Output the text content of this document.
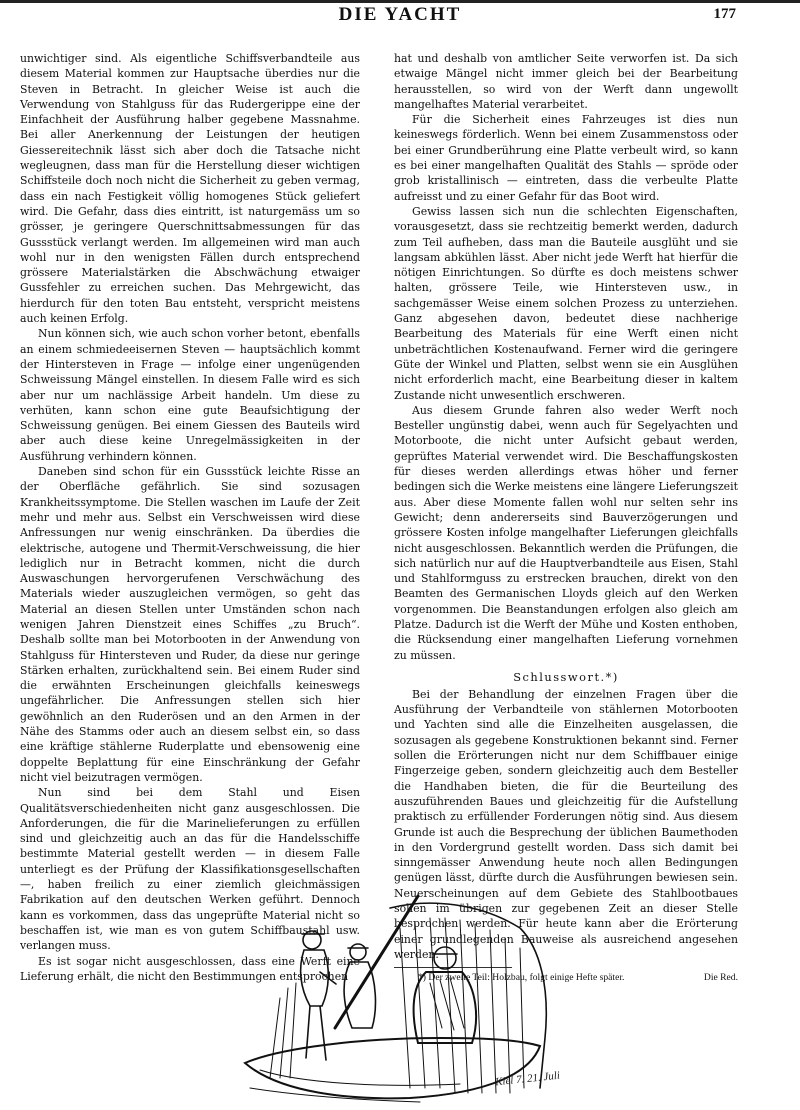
DIE YACHT	177

unwichtiger sind. Als eigentliche Schiffsverbandteile aus diesem Material kommen zur Hauptsache überdies nur die Steven in Betracht. In gleicher Weise ist auch die Verwendung von Stahlguss für das Rudergerippe eine der Einfachheit der Ausführung halber gegebene Massnahme. Bei aller Anerkennung der Leistungen der heutigen Giessereitechnik lässt sich aber doch die Tatsache nicht wegleugnen, dass man für die Herstellung dieser wichtigen Schiffsteile doch noch nicht die Sicherheit zu geben vermag, dass ein nach Festigkeit völlig homogenes Stück geliefert wird. Die Gefahr, dass dies eintritt, ist naturgemäss um so grösser, je geringere Querschnittsabmessungen für das Gussstück verlangt werden. Im allgemeinen wird man auch wohl nur in den wenigsten Fällen durch entsprechend grössere Materialstärken die Abschwächung etwaiger Gussfehler zu erreichen suchen. Das Mehrgewicht, das hierdurch für den toten Bau entsteht, verspricht meistens auch keinen Erfolg.

Nun können sich, wie auch schon vorher betont, ebenfalls an einem schmiedeeisernen Steven — hauptsächlich kommt der Hintersteven in Frage — infolge einer ungenügenden Schweissung Mängel einstellen. In diesem Falle wird es sich aber nur um nachlässige Arbeit handeln. Um diese zu verhüten, kann schon eine gute Beaufsichtigung der Schweissung genügen. Bei einem Giessen des Bauteils wird aber auch diese keine Unregelmässigkeiten in der Ausführung verhindern können.

Daneben sind schon für ein Gussstück leichte Risse an der Oberfläche gefährlich. Sie sind sozusagen Krankheitssymptome. Die Stellen waschen im Laufe der Zeit mehr und mehr aus. Selbst ein Verschweissen wird diese Anfressungen nur wenig einschränken. Da überdies die elektrische, autogene und Thermit-Verschweissung, die hier lediglich nur in Betracht kommen, nicht die durch Auswaschungen hervorgerufenen Verschwächung des Materials wieder auszugleichen vermögen, so geht das Material an diesen Stellen unter Umständen schon nach wenigen Jahren Dienstzeit eines Schiffes „zu Bruch“. Deshalb sollte man bei Motorbooten in der Anwendung von Stahlguss für Hintersteven und Ruder, da diese nur geringe Stärken erhalten, zurückhaltend sein. Bei einem Ruder sind die erwähnten Erscheinungen gleichfalls keineswegs ungefährlicher. Die Anfressungen stellen sich hier gewöhnlich an den Ruderösen und an den Armen in der Nähe des Stamms oder auch an diesem selbst ein, so dass eine kräftige stählerne Ruderplatte und ebensowenig eine doppelte Beplattung für eine Einschränkung der Gefahr nicht viel beizutragen vermögen.

Nun sind bei dem Stahl und Eisen Qualitätsverschiedenheiten nicht ganz ausgeschlossen. Die Anforderungen, die für die Marinelieferungen zu erfüllen sind und gleichzeitig auch an das für die Handelsschiffe bestimmte Material gestellt werden — in diesem Falle unterliegt es der Prüfung der Klassifikationsgesellschaften —, haben freilich zu einer ziemlich gleichmässigen Fabrikation auf den deutschen Werken geführt. Dennoch kann es vorkommen, dass das ungeprüfte Material nicht so beschaffen ist, wie man es von gutem Schiffbaustahl usw. verlangen muss.

Es ist sogar nicht ausgeschlossen, dass eine Werft eine Lieferung erhält, die nicht den Bestimmungen entsprochen

hat und deshalb von amtlicher Seite verworfen ist. Da sich etwaige Mängel nicht immer gleich bei der Bearbeitung herausstellen, so wird von der Werft dann ungewollt mangelhaftes Material verarbeitet.

Für die Sicherheit eines Fahrzeuges ist dies nun keineswegs förderlich. Wenn bei einem Zusammenstoss oder bei einer Grundberührung eine Platte verbeult wird, so kann es bei einer mangelhaften Qualität des Stahls — spröde oder grob kristallinisch — eintreten, dass die verbeulte Platte aufreisst und zu einer Gefahr für das Boot wird.

Gewiss lassen sich nun die schlechten Eigenschaften, vorausgesetzt, dass sie rechtzeitig bemerkt werden, dadurch zum Teil aufheben, dass man die Bauteile ausglüht und sie langsam abkühlen lässt. Aber nicht jede Werft hat hierfür die nötigen Einrichtungen. So dürfte es doch meistens schwer halten, grössere Teile, wie Hintersteven usw., in sachgemässer Weise einem solchen Prozess zu unterziehen. Ganz abgesehen davon, bedeutet diese nachherige Bearbeitung des Materials für eine Werft einen nicht unbeträchtlichen Kostenaufwand. Ferner wird die geringere Güte der Winkel und Platten, selbst wenn sie ein Ausglühen nicht erforderlich macht, eine Bearbeitung dieser in kaltem Zustande nicht unwesentlich erschweren.

Aus diesem Grunde fahren also weder Werft noch Besteller ungünstig dabei, wenn auch für Segelyachten und Motorboote, die nicht unter Aufsicht gebaut werden, geprüftes Material verwendet wird. Die Beschaffungskosten für dieses werden allerdings etwas höher und ferner bedingen sich die Werke meistens eine längere Lieferungszeit aus. Aber diese Momente fallen wohl nur selten sehr ins Gewicht; denn andererseits sind Bauverzögerungen und grössere Kosten infolge mangelhafter Lieferungen gleichfalls nicht ausgeschlossen. Bekanntlich werden die Prüfungen, die sich natürlich nur auf die Hauptverbandteile aus Eisen, Stahl und Stahlformguss zu erstrecken brauchen, direkt von den Beamten des Germanischen Lloyds gleich auf den Werken vorgenommen. Die Beanstandungen erfolgen also gleich am Platze. Dadurch ist die Werft der Mühe und Kosten enthoben, die Rücksendung einer mangelhaften Lieferung vornehmen zu müssen.

Schlusswort.*)

Bei der Behandlung der einzelnen Fragen über die Ausführung der Verbandteile von stählernen Motorbooten und Yachten sind alle die Einzelheiten ausgelassen, die sozusagen als gegebene Konstruktionen bekannt sind. Ferner sollen die Erörterungen nicht nur dem Schiffbauer einige Fingerzeige geben, sondern gleichzeitig auch dem Besteller die Handhaben bieten, die für die Beurteilung des auszuführenden Baues und gleichzeitig für die Aufstellung praktisch zu erfüllender Forderungen nötig sind. Aus diesem Grunde ist auch die Besprechung der üblichen Baumethoden in den Vordergrund gestellt worden. Dass sich damit bei sinngemässer Anwendung heute noch allen Bedingungen genügen lässt, dürfte durch die Ausführungen bewiesen sein. Neuerscheinungen auf dem Gebiete des Stahlbootbaues sollen im übrigen zur gegebenen Zeit an dieser Stelle besprochen werden. Für heute kann aber die Erörterung einer grundlegenden Bauweise als ausreichend angesehen werden.

*) Der zweite Teil: Holzbau, folgt einige Hefte später.	Die Red.
Kiel 7. 21. Juli
